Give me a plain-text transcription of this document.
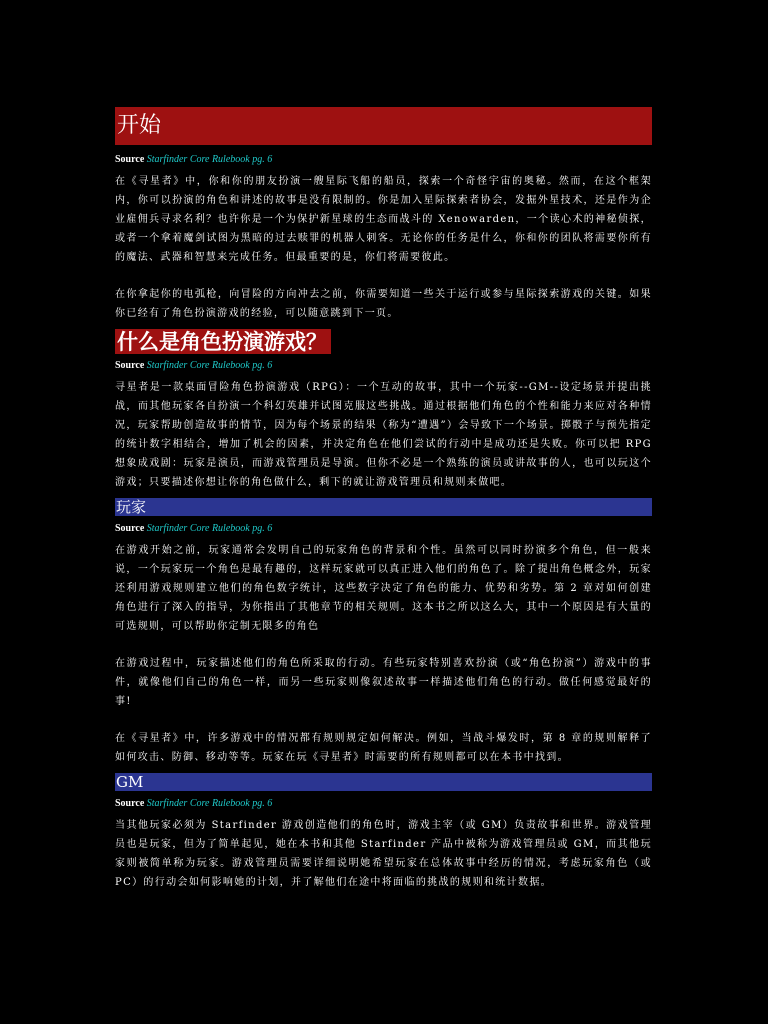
开始
Source Starfinder Core Rulebook pg. 6

在《寻星者》中，你和你的朋友扮演一艘星际飞船的船员，探索一个奇怪宇宙的奥秘。然而，在这个框架内，你可以扮演的角色和讲述的故事是没有限制的。你是加入星际探索者协会，发掘外星技术，还是作为企业雇佣兵寻求名利？也许你是一个为保护新星球的生态而战斗的 Xenowarden，一个读心术的神秘侦探，或者一个拿着魔剑试图为黑暗的过去赎罪的机器人刺客。无论你的任务是什么，你和你的团队将需要你所有的魔法、武器和智慧来完成任务。但最重要的是，你们将需要彼此。

在你拿起你的电弧枪，向冒险的方向冲去之前，你需要知道一些关于运行或参与星际探索游戏的关键。如果你已经有了角色扮演游戏的经验，可以随意跳到下一页。

什么是角色扮演游戏？
Source Starfinder Core Rulebook pg. 6

寻星者是一款桌面冒险角色扮演游戏（RPG）：一个互动的故事，其中一个玩家--GM--设定场景并提出挑战，而其他玩家各自扮演一个科幻英雄并试图克服这些挑战。通过根据他们角色的个性和能力来应对各种情况，玩家帮助创造故事的情节，因为每个场景的结果（称为“遭遇”）会导致下一个场景。掷骰子与预先指定的统计数字相结合，增加了机会的因素，并决定角色在他们尝试的行动中是成功还是失败。你可以把 RPG 想象成戏剧：玩家是演员，而游戏管理员是导演。但你不必是一个熟练的演员或讲故事的人，也可以玩这个游戏；只要描述你想让你的角色做什么，剩下的就让游戏管理员和规则来做吧。

玩家
Source Starfinder Core Rulebook pg. 6

在游戏开始之前，玩家通常会发明自己的玩家角色的背景和个性。虽然可以同时扮演多个角色，但一般来说，一个玩家玩一个角色是最有趣的，这样玩家就可以真正进入他们的角色了。除了提出角色概念外，玩家还利用游戏规则建立他们的角色数字统计，这些数字决定了角色的能力、优势和劣势。第 2 章对如何创建角色进行了深入的指导，为你指出了其他章节的相关规则。这本书之所以这么大，其中一个原因是有大量的可选规则，可以帮助你定制无限多的角色

在游戏过程中，玩家描述他们的角色所采取的行动。有些玩家特别喜欢扮演（或“角色扮演”）游戏中的事件，就像他们自己的角色一样，而另一些玩家则像叙述故事一样描述他们角色的行动。做任何感觉最好的事!

在《寻星者》中，许多游戏中的情况都有规则规定如何解决。例如，当战斗爆发时，第 8 章的规则解释了如何攻击、防御、移动等等。玩家在玩《寻星者》时需要的所有规则都可以在本书中找到。

GM
Source Starfinder Core Rulebook pg. 6

当其他玩家必须为 Starfinder 游戏创造他们的角色时，游戏主宰（或 GM）负责故事和世界。游戏管理员也是玩家，但为了简单起见，她在本书和其他 Starfinder 产品中被称为游戏管理员或 GM，而其他玩家则被简单称为玩家。游戏管理员需要详细说明她希望玩家在总体故事中经历的情况，考虑玩家角色（或 PC）的行动会如何影响她的计划，并了解他们在途中将面临的挑战的规则和统计数据。
